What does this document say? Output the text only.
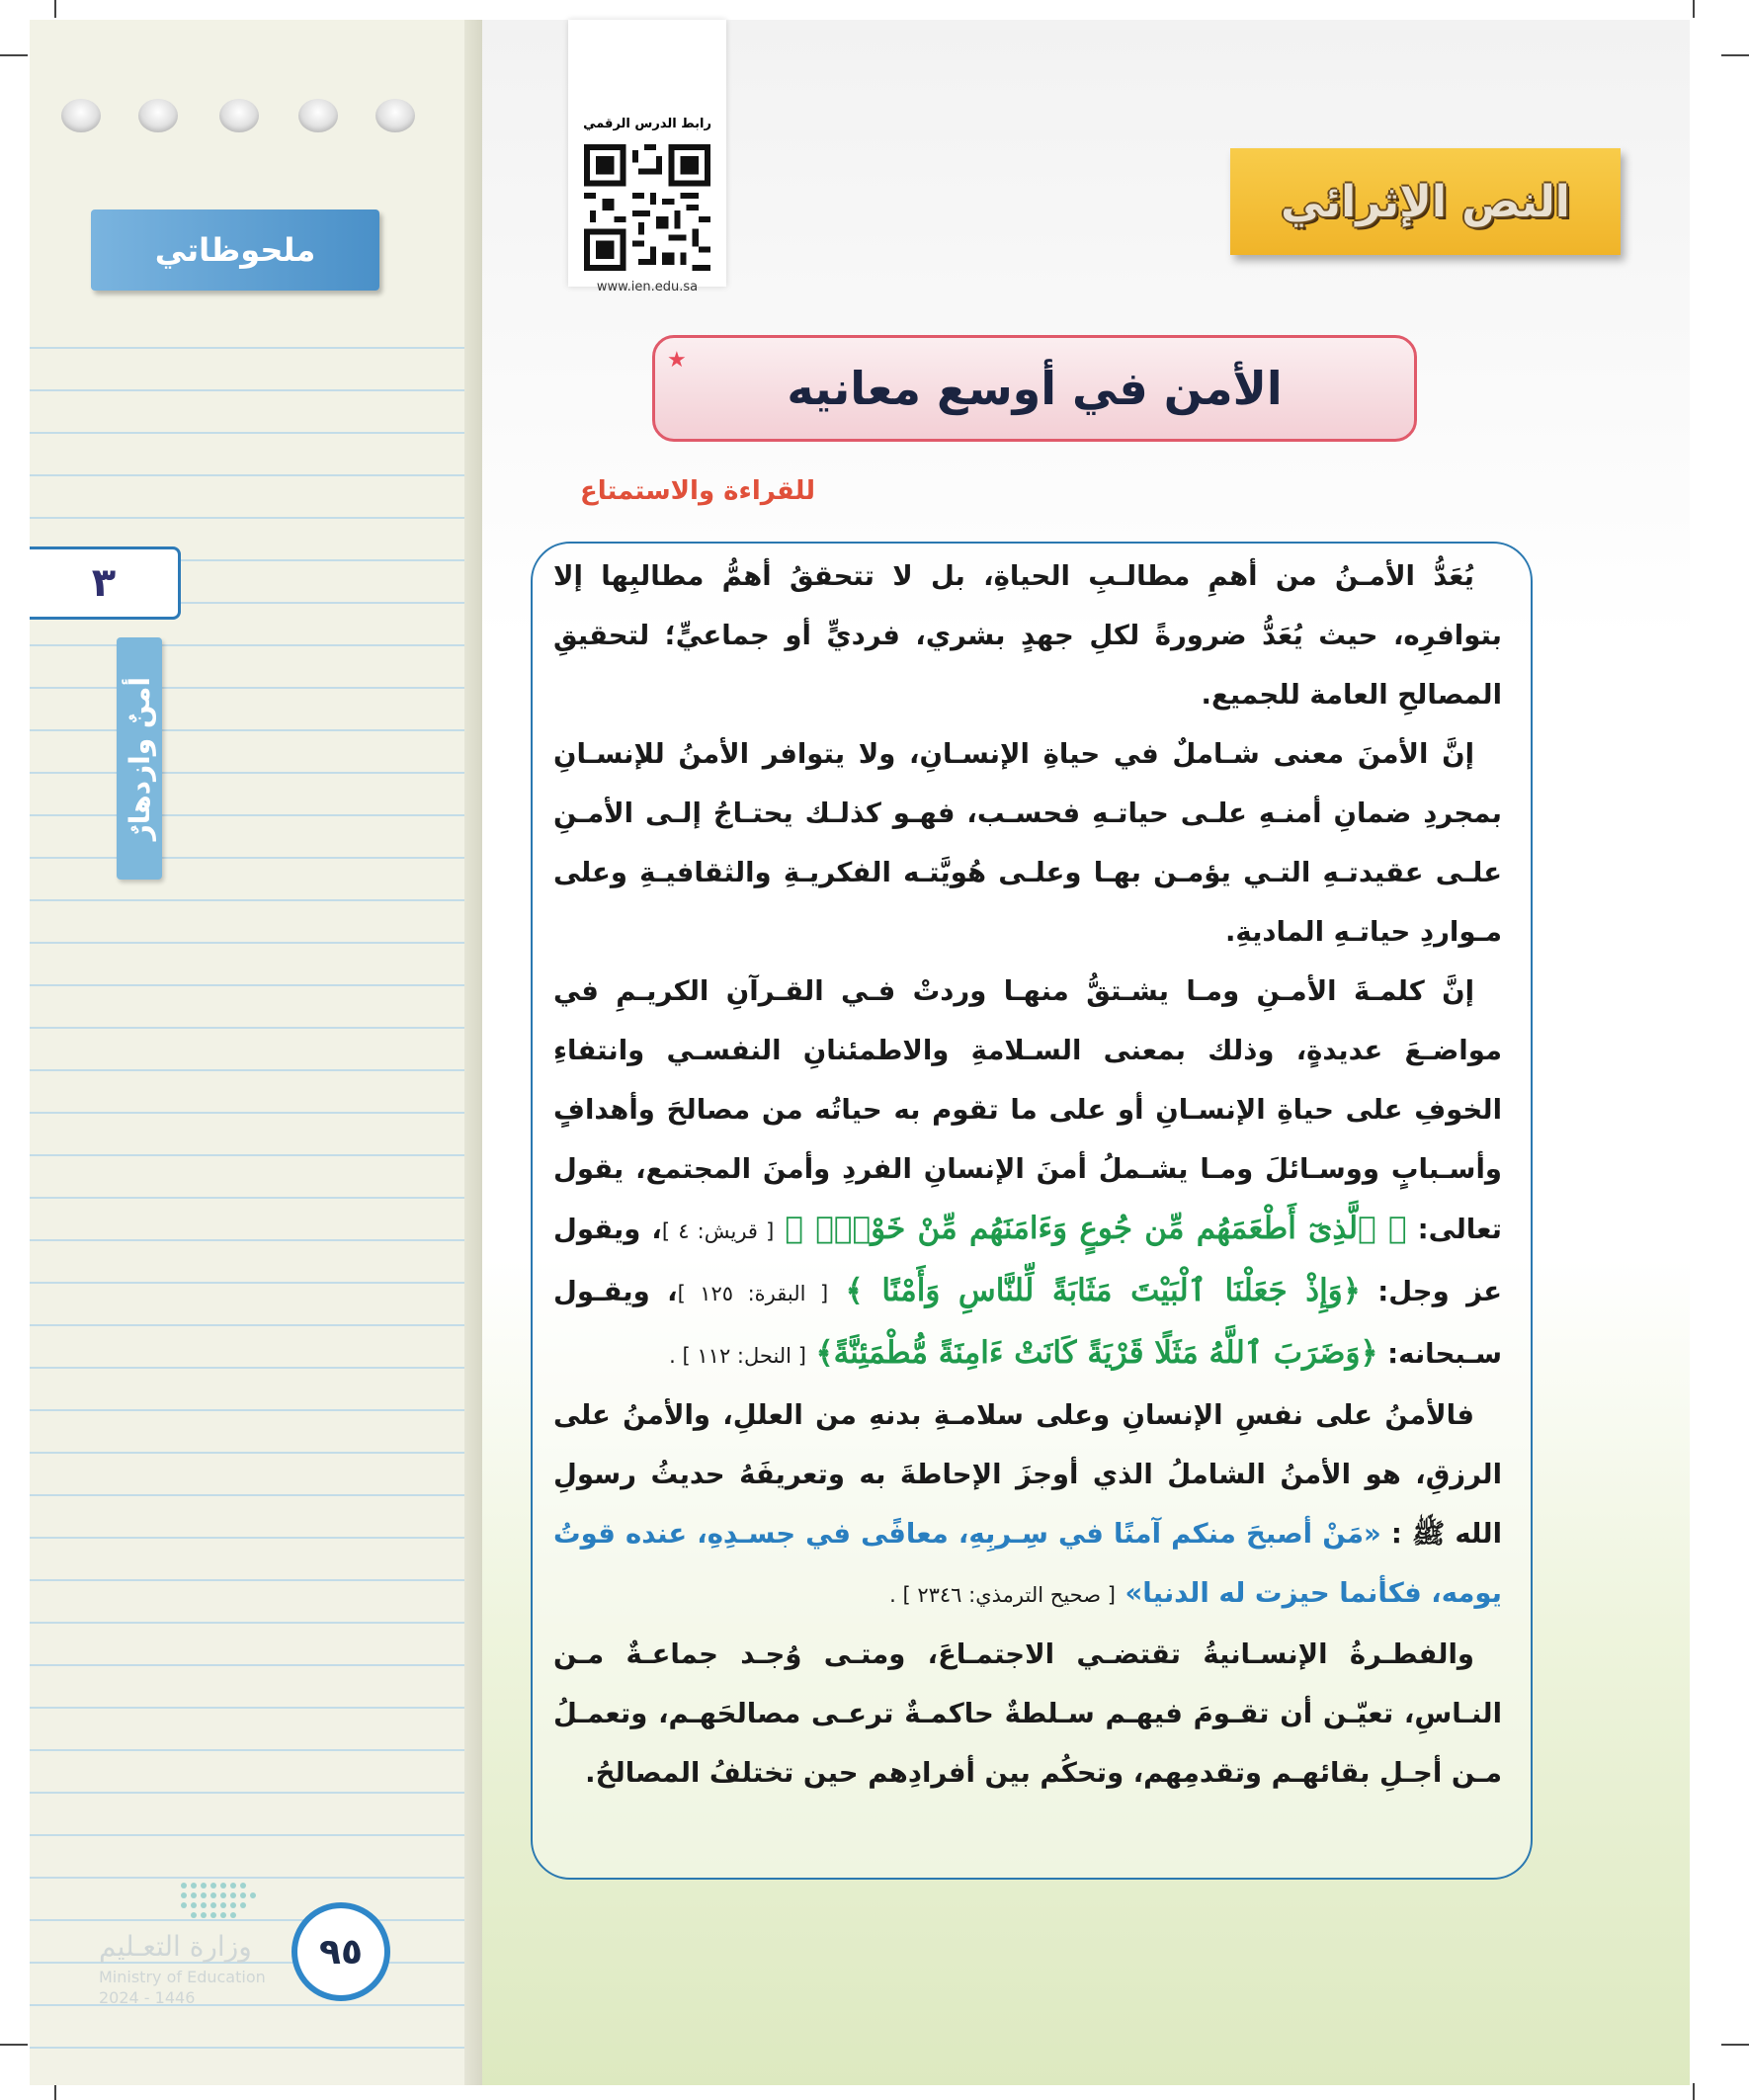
ملحوظاتي
٣
أمنٌ وازدهارٌ
وزارة التعـليم
Ministry of Education
2024 - 1446
٩٥
رابط الدرس الرقمي
www.ien.edu.sa
النص الإثرائي
الأمن في أوسع معانيه
★
للقراءة والاستمتاع

يُعَدُّ الأمـنُ من أهمِ مطالـبِ الحياةِ، بل لا تتحققُ أهمُّ مطالبِها إلا بتوافرِه، حيث يُعَدُّ ضرورةً لكلِ جهدٍ بشري، فرديٍّ أو جماعيٍّ؛ لتحقيقِ المصالحِ العامة للجميع.

إنَّ الأمنَ معنى شـاملٌ في حياةِ الإنسـانِ، ولا يتوافر الأمنُ للإنسـانِ بمجردِ ضمانِ أمنـهِ علـى حياتـهِ فحسـب، فهـو كذلـك يحتـاجُ إلـى الأمـنِ علـى عقيدتـهِ التـي يؤمـن بهـا وعلـى هُويَّتـه الفكريـةِ والثقافيـةِ وعلى مـواردِ حياتـهِ الماديةِ.

إنَّ كلمـةَ الأمـنِ ومـا يشـتقُّ منهـا وردتْ فـي القـرآنِ الكريـمِ في مواضـعَ عديدةٍ، وذلك بمعنى السـلامةِ والاطمئنانِ النفسـي وانتفاءِ الخوفِ على حياةِ الإنسـانِ أو على ما تقوم به حياتُه من مصالحَ وأهدافٍ وأسـبابٍ ووسـائلَ ومـا يشـملُ أمنَ الإنسانِ الفردِ وأمنَ المجتمع، يقول تعالى: ﴿ ٱلَّذِىٓ أَطْعَمَهُم مِّن جُوعٍ وَءَامَنَهُم مِّنْ خَوْفٍۭ ﴾ [ قريش: ٤ ]، ويقول عز وجل: ﴿وَإِذْ جَعَلْنَا ٱلْبَيْتَ مَثَابَةً لِّلنَّاسِ وَأَمْنًا ﴾ [ البقرة: ١٢٥ ]، ويقـول سـبحانه: ﴿وَضَرَبَ ٱللَّهُ مَثَلًا قَرْيَةً كَانَتْ ءَامِنَةً مُّطْمَئِنَّةً﴾ [ النحل: ١١٢ ] .

فالأمنُ على نفسِ الإنسانِ وعلى سلامـةِ بدنهِ من العللِ، والأمنُ على الرزقِ، هو الأمنُ الشاملُ الذي أوجزَ الإحاطةَ به وتعريفَهُ حديثُ رسولِ الله ﷺ : «مَنْ أصبحَ منكم آمنًا في سِـربِهِ، معافًى في جسـدِهِ، عنده قوتُ يومه، فكأنما حيزت له الدنيا» [ صحيح الترمذي: ٢٣٤٦ ] .

والفطـرةُ الإنسـانيةُ تقتضـي الاجتمـاعَ، ومتـى وُجـد جماعـةٌ مـن النـاسِ، تعيّـن أن تقـومَ فيهـم سـلطةٌ حاكمـةٌ ترعـى مصالحَهـم، وتعمـلُ مـن أجـلِ بقائهـم وتقدمِهم، وتحكُم بين أفرادِهم حين تختلفُ المصالحُ.
